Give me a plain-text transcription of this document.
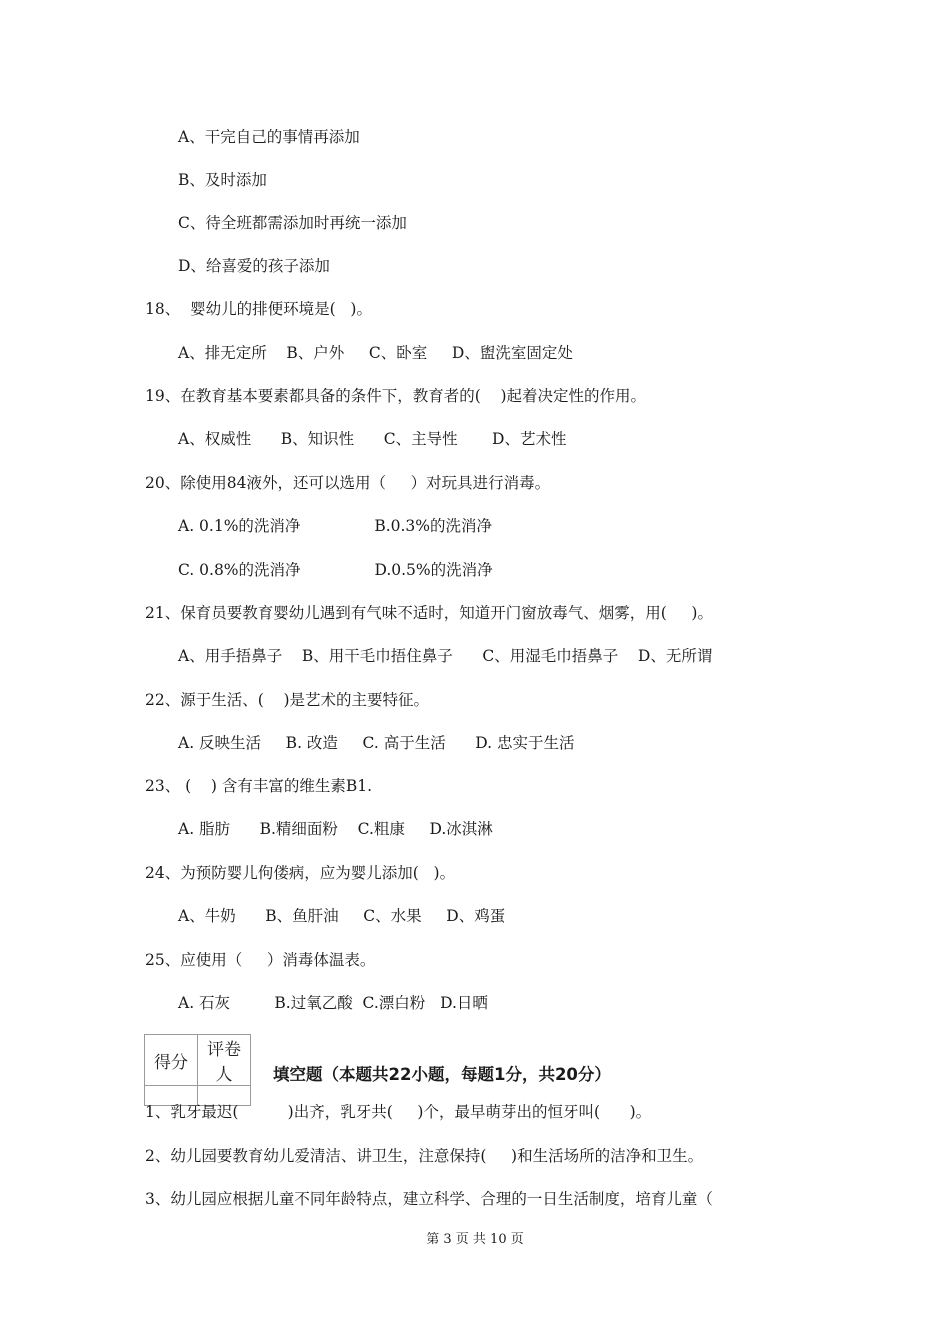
A、干完自己的事情再添加
B、及时添加
C、待全班都需添加时再统一添加
D、给喜爱的孩子添加
18、  婴幼儿的排便环境是(   )。
A、排无定所    B、户外     C、卧室     D、盥洗室固定处
19、在教育基本要素都具备的条件下，教育者的(    )起着决定性的作用。
A、权威性      B、知识性      C、主导性       D、艺术性
20、除使用84液外，还可以选用（     ）对玩具进行消毒。
A. 0.1%的洗消净               B.0.3%的洗消净
C. 0.8%的洗消净               D.0.5%的洗消净
21、保育员要教育婴幼儿遇到有气味不适时，知道开门窗放毒气、烟雾，用(     )。
A、用手捂鼻子    B、用干毛巾捂住鼻子      C、用湿毛巾捂鼻子    D、无所谓
22、源于生活、(    )是艺术的主要特征。
A. 反映生活     B. 改造     C. 高于生活      D. 忠实于生活
23、 (    ) 含有丰富的维生素B1.
A. 脂肪      B.精细面粉    C.粗康     D.冰淇淋
24、为预防婴儿佝偻病，应为婴儿添加(   )。
A、牛奶      B、鱼肝油     C、水果     D、鸡蛋
25、应使用（     ）消毒体温表。
A. 石灰         B.过氧乙酸  C.漂白粉   D.日晒
得分	评卷人
	填空题（本题共22小题，每题1分，共20分）
1、乳牙最迟(          )出齐，乳牙共(     )个，最早萌芽出的恒牙叫(      )。
2、幼儿园要教育幼儿爱清洁、讲卫生，注意保持(     )和生活场所的洁净和卫生。
3、幼儿园应根据儿童不同年龄特点，建立科学、合理的一日生活制度，培育儿童（
第 3 页 共 10 页
